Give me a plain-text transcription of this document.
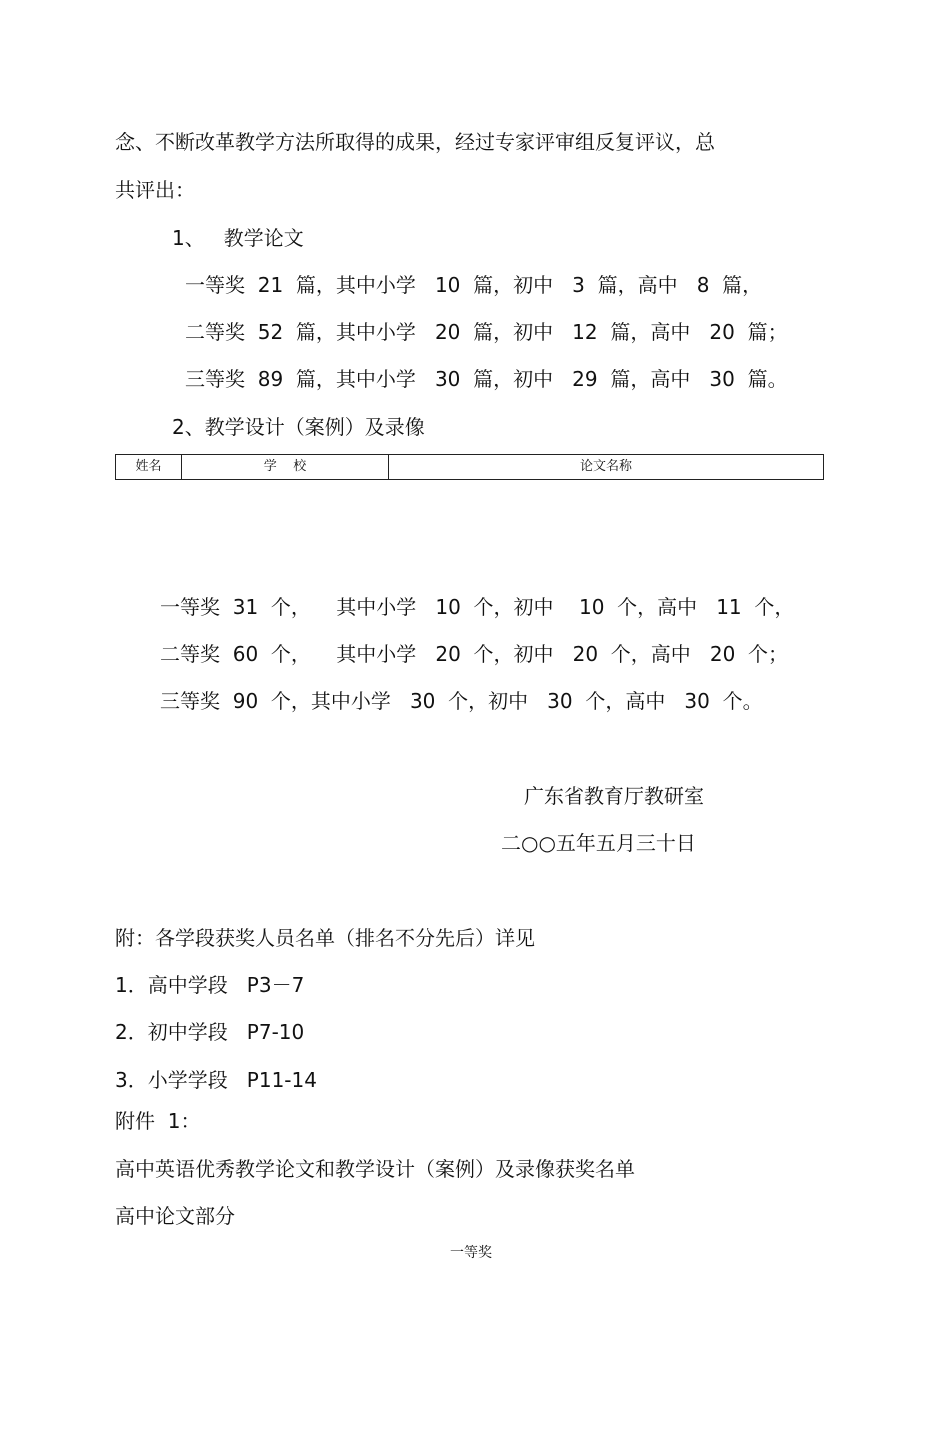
念、不断改革教学方法所取得的成果，经过专家评审组反复评议，总
共评出：
1、   教学论文
一等奖  21  篇，其中小学   10  篇，初中   3  篇，高中   8  篇，
二等奖  52  篇，其中小学   20  篇，初中   12  篇，高中   20  篇；
三等奖  89  篇，其中小学   30  篇，初中   29  篇，高中   30  篇。
2、教学设计（案例）及录像
姓名	学    校	论文名称
一等奖  31  个，    其中小学   10  个，初中    10  个，高中   11  个，
二等奖  60  个，    其中小学   20  个，初中   20  个，高中   20  个；
三等奖  90  个，其中小学   30  个，初中   30  个，高中   30  个。
广东省教育厅教研室
二○○五年五月三十日
附：各学段获奖人员名单（排名不分先后）详见
1．高中学段   P3－7
2．初中学段   P7-10
3．小学学段   P11-14
附件  1：
高中英语优秀教学论文和教学设计（案例）及录像获奖名单
高中论文部分
一等奖
